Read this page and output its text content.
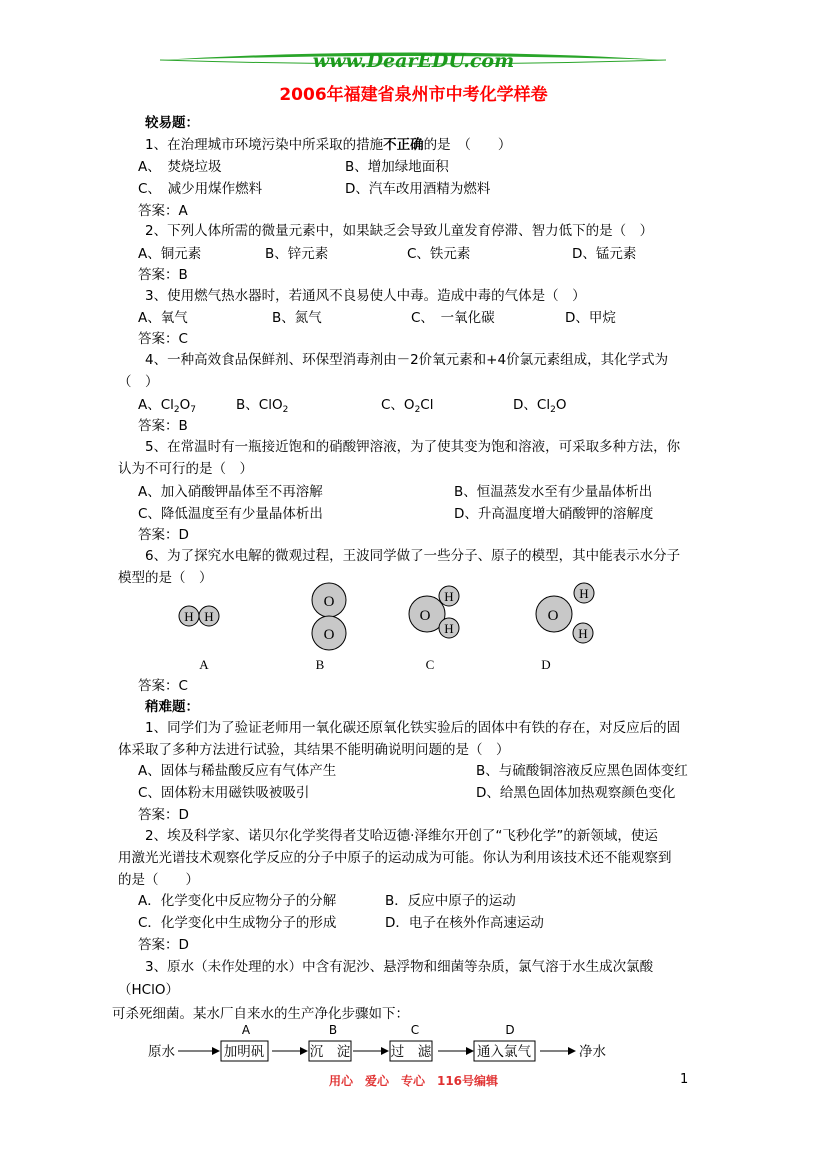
www.DearEDU.com
2006年福建省泉州市中考化学样卷
较易题：
1、在治理城市环境污染中所采取的措施不正确的是　（　　）
A、　焚烧垃圾	B、增加绿地面积
C、　减少用煤作燃料	D、汽车改用酒精为燃料
答案：A
2、下列人体所需的微量元素中，如果缺乏会导致儿童发育停滞、智力低下的是（　）
A、铜元素	B、锌元素	C、铁元素	D、锰元素
答案：B
3、使用燃气热水器时，若通风不良易使人中毒。造成中毒的气体是（　）
A、氧气	B、氮气	C、　一氧化碳	D、甲烷
答案：C
4、一种高效食品保鲜剂、环保型消毒剂由－2价氧元素和+4价氯元素组成，其化学式为
（　）
A、$Cl_2O_7$	B、ClO$_2$	C、$O_2Cl$	D、$Cl_2O$
答案：B
5、在常温时有一瓶接近饱和的硝酸钾溶液，为了使其变为饱和溶液，可采取多种方法，你
认为不可行的是（　）
A、加入硝酸钾晶体至不再溶解	B、恒温蒸发水至有少量晶体析出
C、降低温度至有少量晶体析出	D、升高温度增大硝酸钾的溶解度
答案：D
6、为了探究水电解的微观过程，王波同学做了一些分子、原子的模型，其中能表示水分子
模型的是（　）
H H
O
O
O
H
H
O
H
H
A	B	C	D
答案：C
稍难题：
1、同学们为了验证老师用一氧化碳还原氧化铁实验后的固体中有铁的存在，对反应后的固
体采取了多种方法进行试验，其结果不能明确说明问题的是（　）
A、固体与稀盐酸反应有气体产生	B、与硫酸铜溶液反应黑色固体变红
C、固体粉末用磁铁吸被吸引	D、给黑色固体加热观察颜色变化
答案：D
2、埃及科学家、诺贝尔化学奖得者艾哈迈德·泽维尔开创了“飞秒化学”的新领域，使运
用激光光谱技术观察化学反应的分子中原子的运动成为可能。你认为利用该技术还不能观察到
的是（　　）
A．化学变化中反应物分子的分解	B．反应中原子的运动
C．化学变化中生成物分子的形成	D．电子在核外作高速运动
答案：D
3、原水（未作处理的水）中含有泥沙、悬浮物和细菌等杂质，氯气溶于水生成次氯酸
（HClO）
可杀死细菌。某水厂自来水的生产净化步骤如下：
A	B	C	D
原水	加明矾	沉　淀	过　滤	通入氯气	净水
用心　爱心　专心　116号编辑	1
